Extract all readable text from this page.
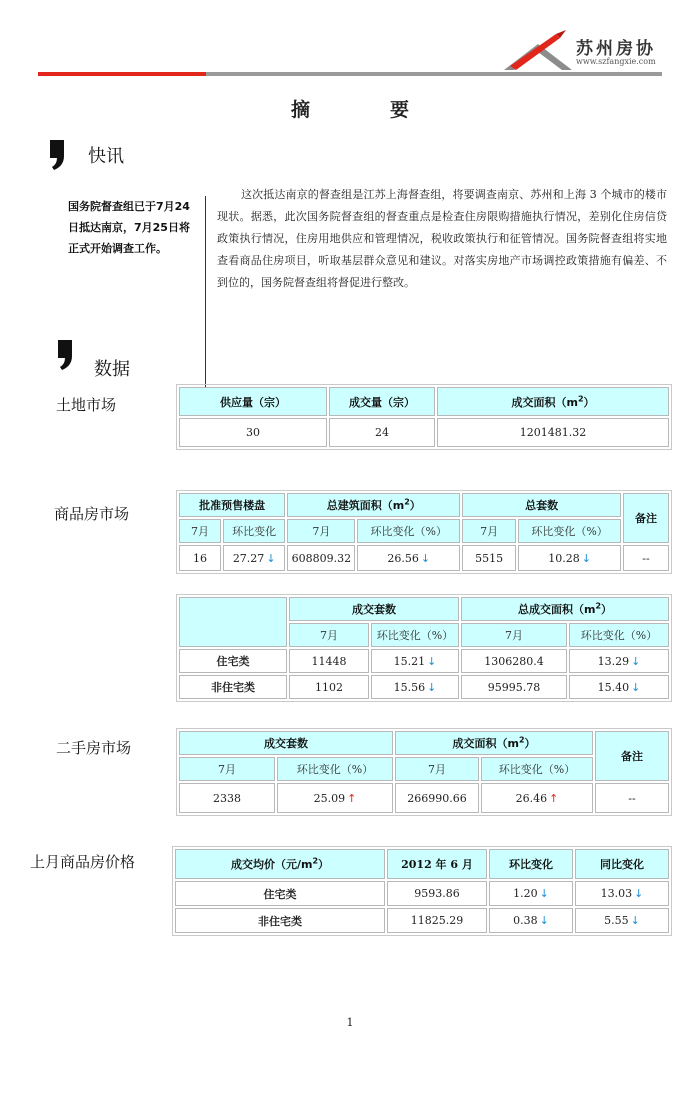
苏州房协
www.szfangxie.com
摘要
快讯
国务院督查组已于7月24日抵达南京，7月25日将正式开始调查工作。
这次抵达南京的督查组是江苏上海督查组，将要调查南京、苏州和上海 3 个城市的楼市现状。据悉，此次国务院督查组的督查重点是检查住房限购措施执行情况，差别化住房信贷政策执行情况，住房用地供应和管理情况，税收政策执行和征管情况。国务院督查组将实地查看商品住房项目，听取基层群众意见和建议。对落实房地产市场调控政策措施有偏差、不到位的，国务院督查组将督促进行整改。
数据
土地市场	供应量（宗）	成交量（宗）	成交面积$(m^2)$
30	24	1201481.32
商品房市场	批准预售楼盘		总建筑面积$(m^2)$		总套数		备注
7月	环比变化	7月	环比变化（%）	7月	环比变化（%）	
16	27.27 ↓	608809.32	26.56 ↓	5515	10.28 ↓	--
	成交套数		总成交面积$(m^2)$	
	7月	环比变化（%）	7月	环比变化（%）
住宅类	11448	15.21 ↓	1306280.4	13.29 ↓
非住宅类	1102	15.56 ↓	95995.78	15.40 ↓
二手房市场	成交套数		成交面积$(m^2)$		备注
7月	环比变化（%）	7月	环比变化（%）	
2338	25.09 ↑	266990.66	26.46 ↑	--
上月商品房价格	成交均价（元$/m^2$）	2012 年 6 月	环比变化	同比变化
住宅类	9593.86	1.20 ↓	13.03 ↓
非住宅类	11825.29	0.38 ↓	5.55 ↓
1
